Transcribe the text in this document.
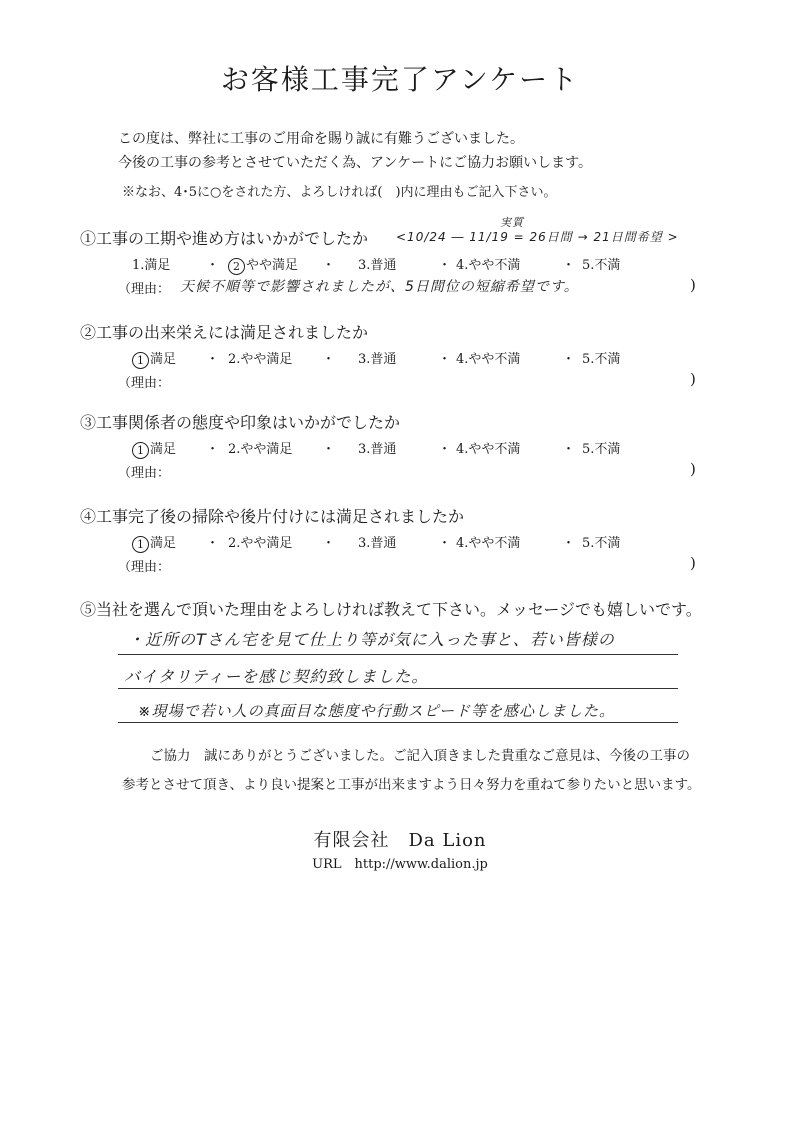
お客様工事完了アンケート
この度は、弊社に工事のご用命を賜り誠に有難うございました。
今後の工事の参考とさせていただく為、アンケートにご協力お願いします。
※なお、4･5に○をされた方、よろしければ(　)内に理由もご記入下さい。
①工事の工期や進め方はいかがでしたか
1.満足	2 やや満足	3.普通	4.やや不満	5.不満
・	・	・	・
（理由：	)
天候不順等で影響されましたが、5日間位の短縮希望です。
<10/24 ― 11/19 = 26日間 → 21日間希望 >
実質
②工事の出来栄えには満足されましたか
1 満足	2.やや満足	3.普通	4.やや不満	5.不満
・	・	・	・
（理由：	)
③工事関係者の態度や印象はいかがでしたか
1 満足	2.やや満足	3.普通	4.やや不満	5.不満
・	・	・	・
（理由：	)
④工事完了後の掃除や後片付けには満足されましたか
1 満足	2.やや満足	3.普通	4.やや不満	5.不満
・	・	・	・
（理由：	)
⑤当社を選んで頂いた理由をよろしければ教えて下さい。メッセージでも嬉しいです。
・近所のTさん宅を見て仕上り等が気に入った事と、若い皆様の
バイタリティーを感じ契約致しました。
※現場で若い人の真面目な態度や行動スピード等を感心しました。
ご協力　誠にありがとうございました。ご記入頂きました貴重なご意見は、今後の工事の
参考とさせて頂き、より良い提案と工事が出来ますよう日々努力を重ねて参りたいと思います。
有限会社　Da Lion
URL　http://www.dalion.jp
